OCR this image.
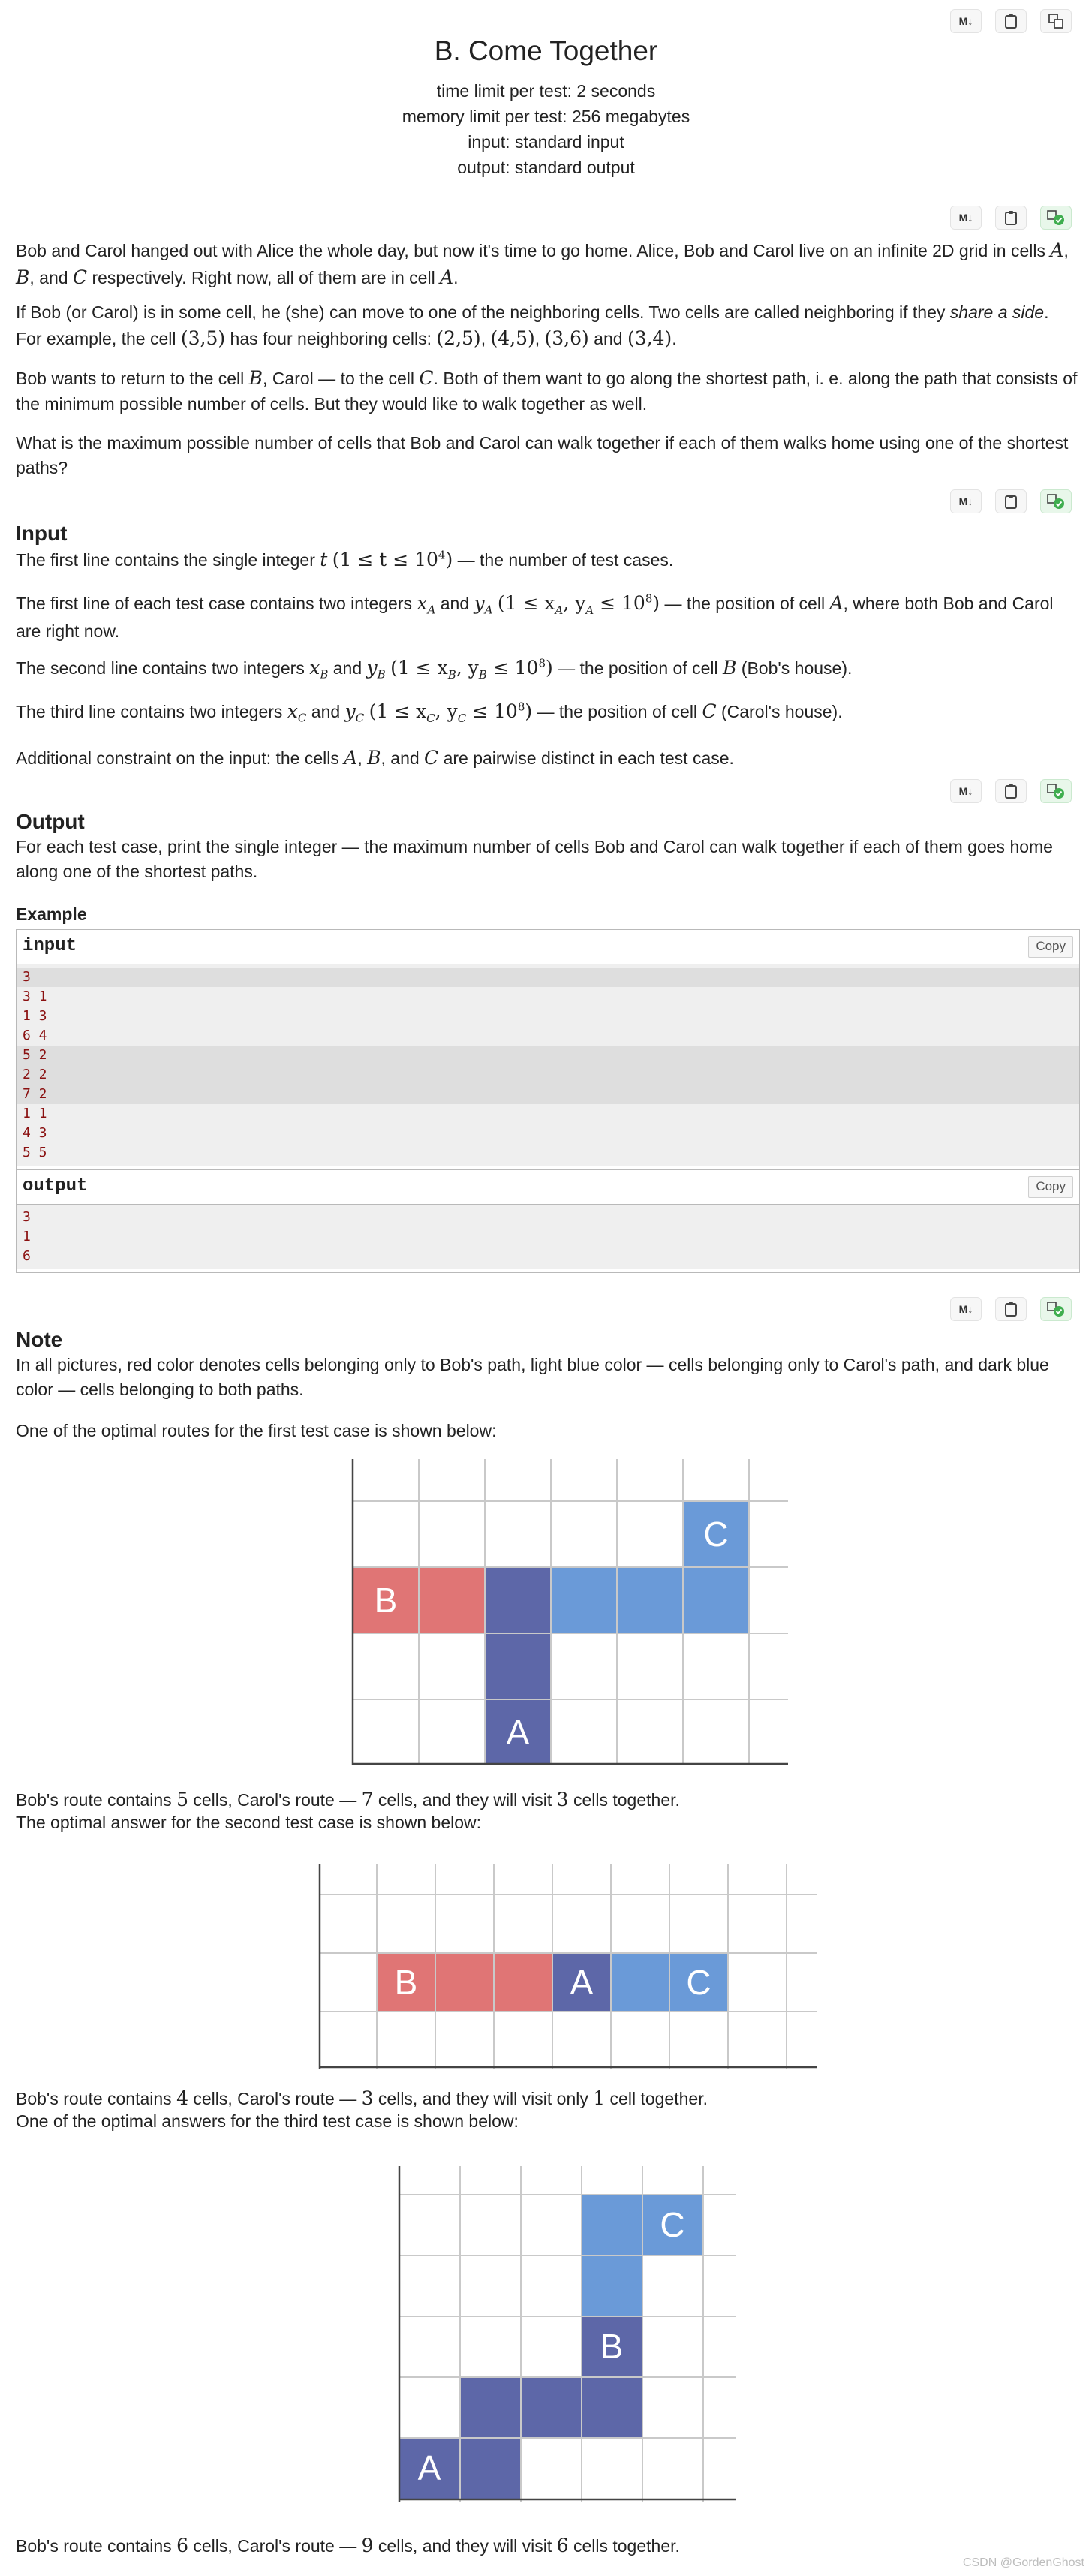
B. Come Together
time limit per test: 2 seconds
memory limit per test: 256 megabytes
input: standard input
output: standard output
M↓
M↓
M↓
M↓
M↓

Bob and Carol hanged out with Alice the whole day, but now it's time to go home. Alice, Bob and Carol live on an infinite 2D grid in cells A, B, and C respectively. Right now, all of them are in cell A.

If Bob (or Carol) is in some cell, he (she) can move to one of the neighboring cells. Two cells are called neighboring if they share a side. For example, the cell (3,5) has four neighboring cells: (2,5), (4,5), (3,6) and (3,4).

Bob wants to return to the cell B, Carol — to the cell C. Both of them want to go along the shortest path, i. e. along the path that consists of the minimum possible number of cells. But they would like to walk together as well.

What is the maximum possible number of cells that Bob and Carol can walk together if each of them walks home using one of the shortest paths?

Input

The first line contains the single integer t $(1 \le t \le 10^4)$ — the number of test cases.

The first line of each test case contains two integers $x_A$ and $y_A$ ($1 \le x_A$, $y_A \le 10^8$) — the position of cell A, where both Bob and Carol are right now.

The second line contains two integers $x_B$ and $y_B$ ($1 \le x_B$, $y_B \le 10^8$) — the position of cell B (Bob's house).

The third line contains two integers $x_C$ and $y_C$ ($1 \le x_C$, $y_C \le 10^8$) — the position of cell C (Carol's house).

Additional constraint on the input: the cells A, B, and C are pairwise distinct in each test case.

Output

For each test case, print the single integer — the maximum number of cells Bob and Carol can walk together if each of them goes home along one of the shortest paths.

Example
input	Copy
3
3 1
1 3
6 4
5 2
2 2
7 2
1 1
4 3
5 5
output	Copy
3
1
6
Note

In all pictures, red color denotes cells belonging only to Bob's path, light blue color — cells belonging only to Carol's path, and dark blue color — cells belonging to both paths.

One of the optimal routes for the first test case is shown below:

B
A
C

Bob's route contains 5 cells, Carol's route — 7 cells, and they will visit 3 cells together.

The optimal answer for the second test case is shown below:

B	A	C

Bob's route contains 4 cells, Carol's route — 3 cells, and they will visit only 1 cell together.

One of the optimal answers for the third test case is shown below:

A
B
C

Bob's route contains 6 cells, Carol's route — 9 cells, and they will visit 6 cells together.

CSDN @GordenGhost
